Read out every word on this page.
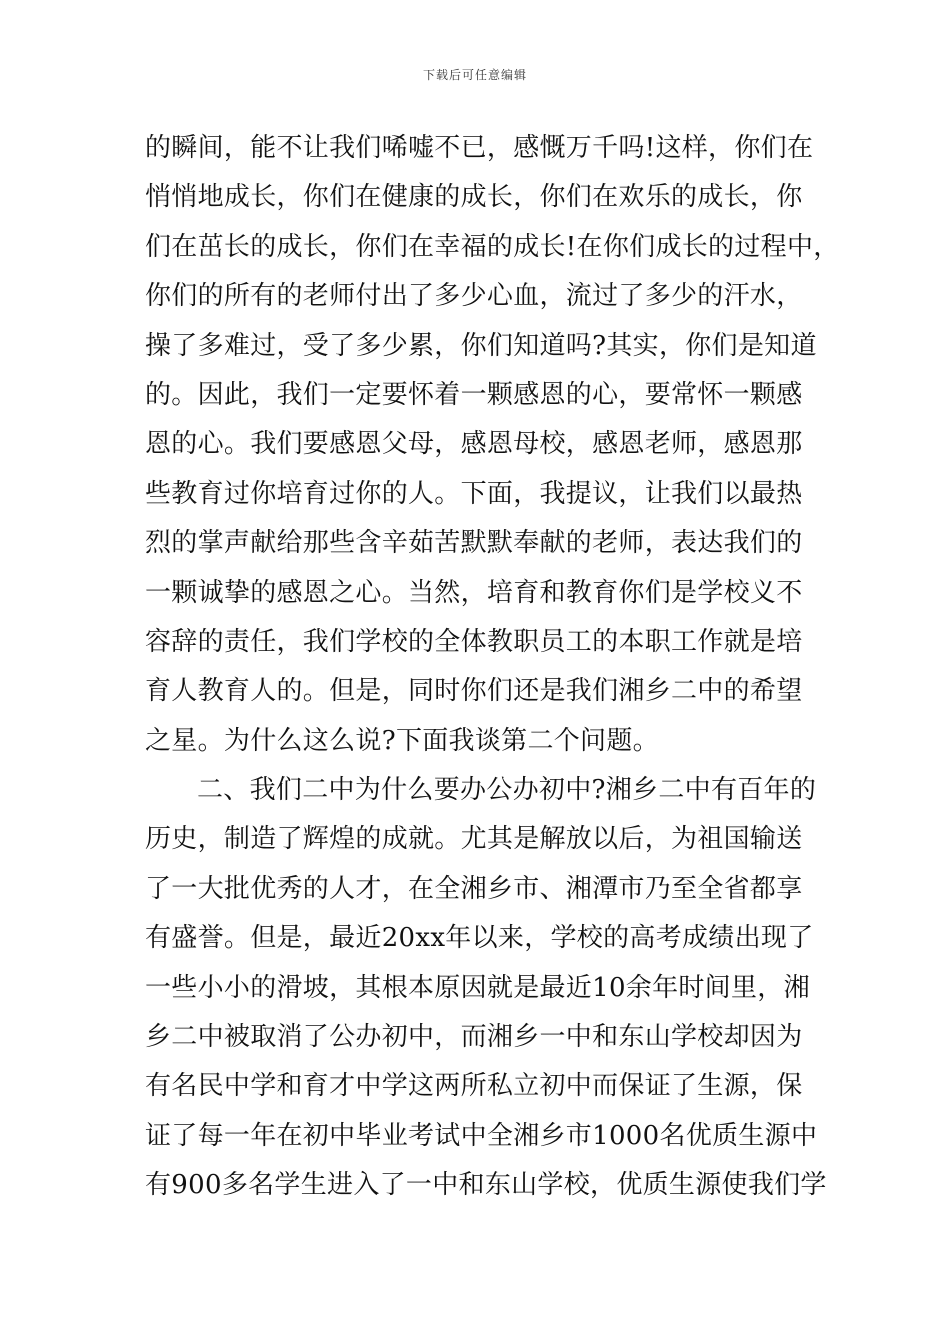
下载后可任意编辑
的瞬间，能不让我们唏嘘不已，感慨万千吗!这样，你们在
悄悄地成长，你们在健康的成长，你们在欢乐的成长，你
们在茁长的成长，你们在幸福的成长!在你们成长的过程中，
你们的所有的老师付出了多少心血，流过了多少的汗水，
操了多难过，受了多少累，你们知道吗?其实，你们是知道
的。因此，我们一定要怀着一颗感恩的心，要常怀一颗感
恩的心。我们要感恩父母，感恩母校，感恩老师，感恩那
些教育过你培育过你的人。下面，我提议，让我们以最热
烈的掌声献给那些含辛茹苦默默奉献的老师，表达我们的
一颗诚挚的感恩之心。当然，培育和教育你们是学校义不
容辞的责任，我们学校的全体教职员工的本职工作就是培
育人教育人的。但是，同时你们还是我们湘乡二中的希望
之星。为什么这么说?下面我谈第二个问题。
二、我们二中为什么要办公办初中?湘乡二中有百年的
历史，制造了辉煌的成就。尤其是解放以后，为祖国输送
了一大批优秀的人才，在全湘乡市、湘潭市乃至全省都享
有盛誉。但是，最近20xx年以来，学校的高考成绩出现了
一些小小的滑坡，其根本原因就是最近10余年时间里，湘
乡二中被取消了公办初中，而湘乡一中和东山学校却因为
有名民中学和育才中学这两所私立初中而保证了生源，保
证了每一年在初中毕业考试中全湘乡市1000名优质生源中
有900多名学生进入了一中和东山学校，优质生源使我们学
